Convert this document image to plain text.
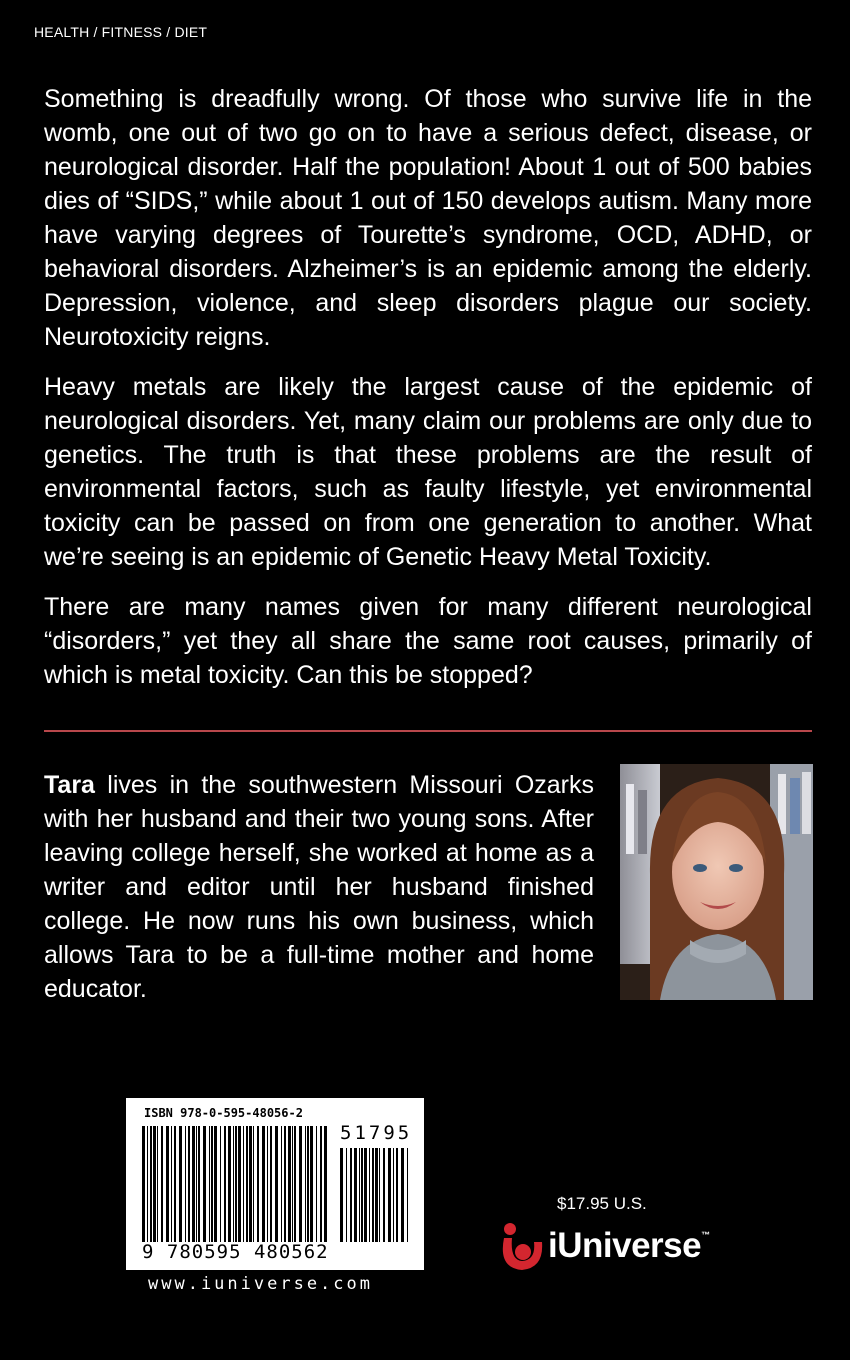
HEALTH / FITNESS / DIET

Something is dreadfully wrong. Of those who survive life in the womb, one out of two go on to have a serious defect, disease, or neurological disorder. Half the population! About 1 out of 500 babies dies of “SIDS,” while about 1 out of 150 develops autism. Many more have varying degrees of Tourette’s syndrome, OCD, ADHD, or behavioral disorders. Alzheimer’s is an epidemic among the elderly. Depression, violence, and sleep disorders plague our society. Neurotoxicity reigns.

Heavy metals are likely the largest cause of the epidemic of neurological disorders. Yet, many claim our problems are only due to genetics. The truth is that these problems are the result of environmental factors, such as faulty lifestyle, yet environmental toxicity can be passed on from one generation to another. What we’re seeing is an epidemic of Genetic Heavy Metal Toxicity.

There are many names given for many different neurological “disorders,” yet they all share the same root causes, primarily of which is metal toxicity. Can this be stopped?

Tara lives in the southwestern Missouri Ozarks with her husband and their two young sons. After leaving college herself, she worked at home as a writer and editor until her husband finished college. He now runs his own business, which allows Tara to be a full-time mother and home educator.

ISBN 978-0-595-48056-2
51795
9 780595 480562
www.iuniverse.com
$17.95 U.S.
iUniverse™
